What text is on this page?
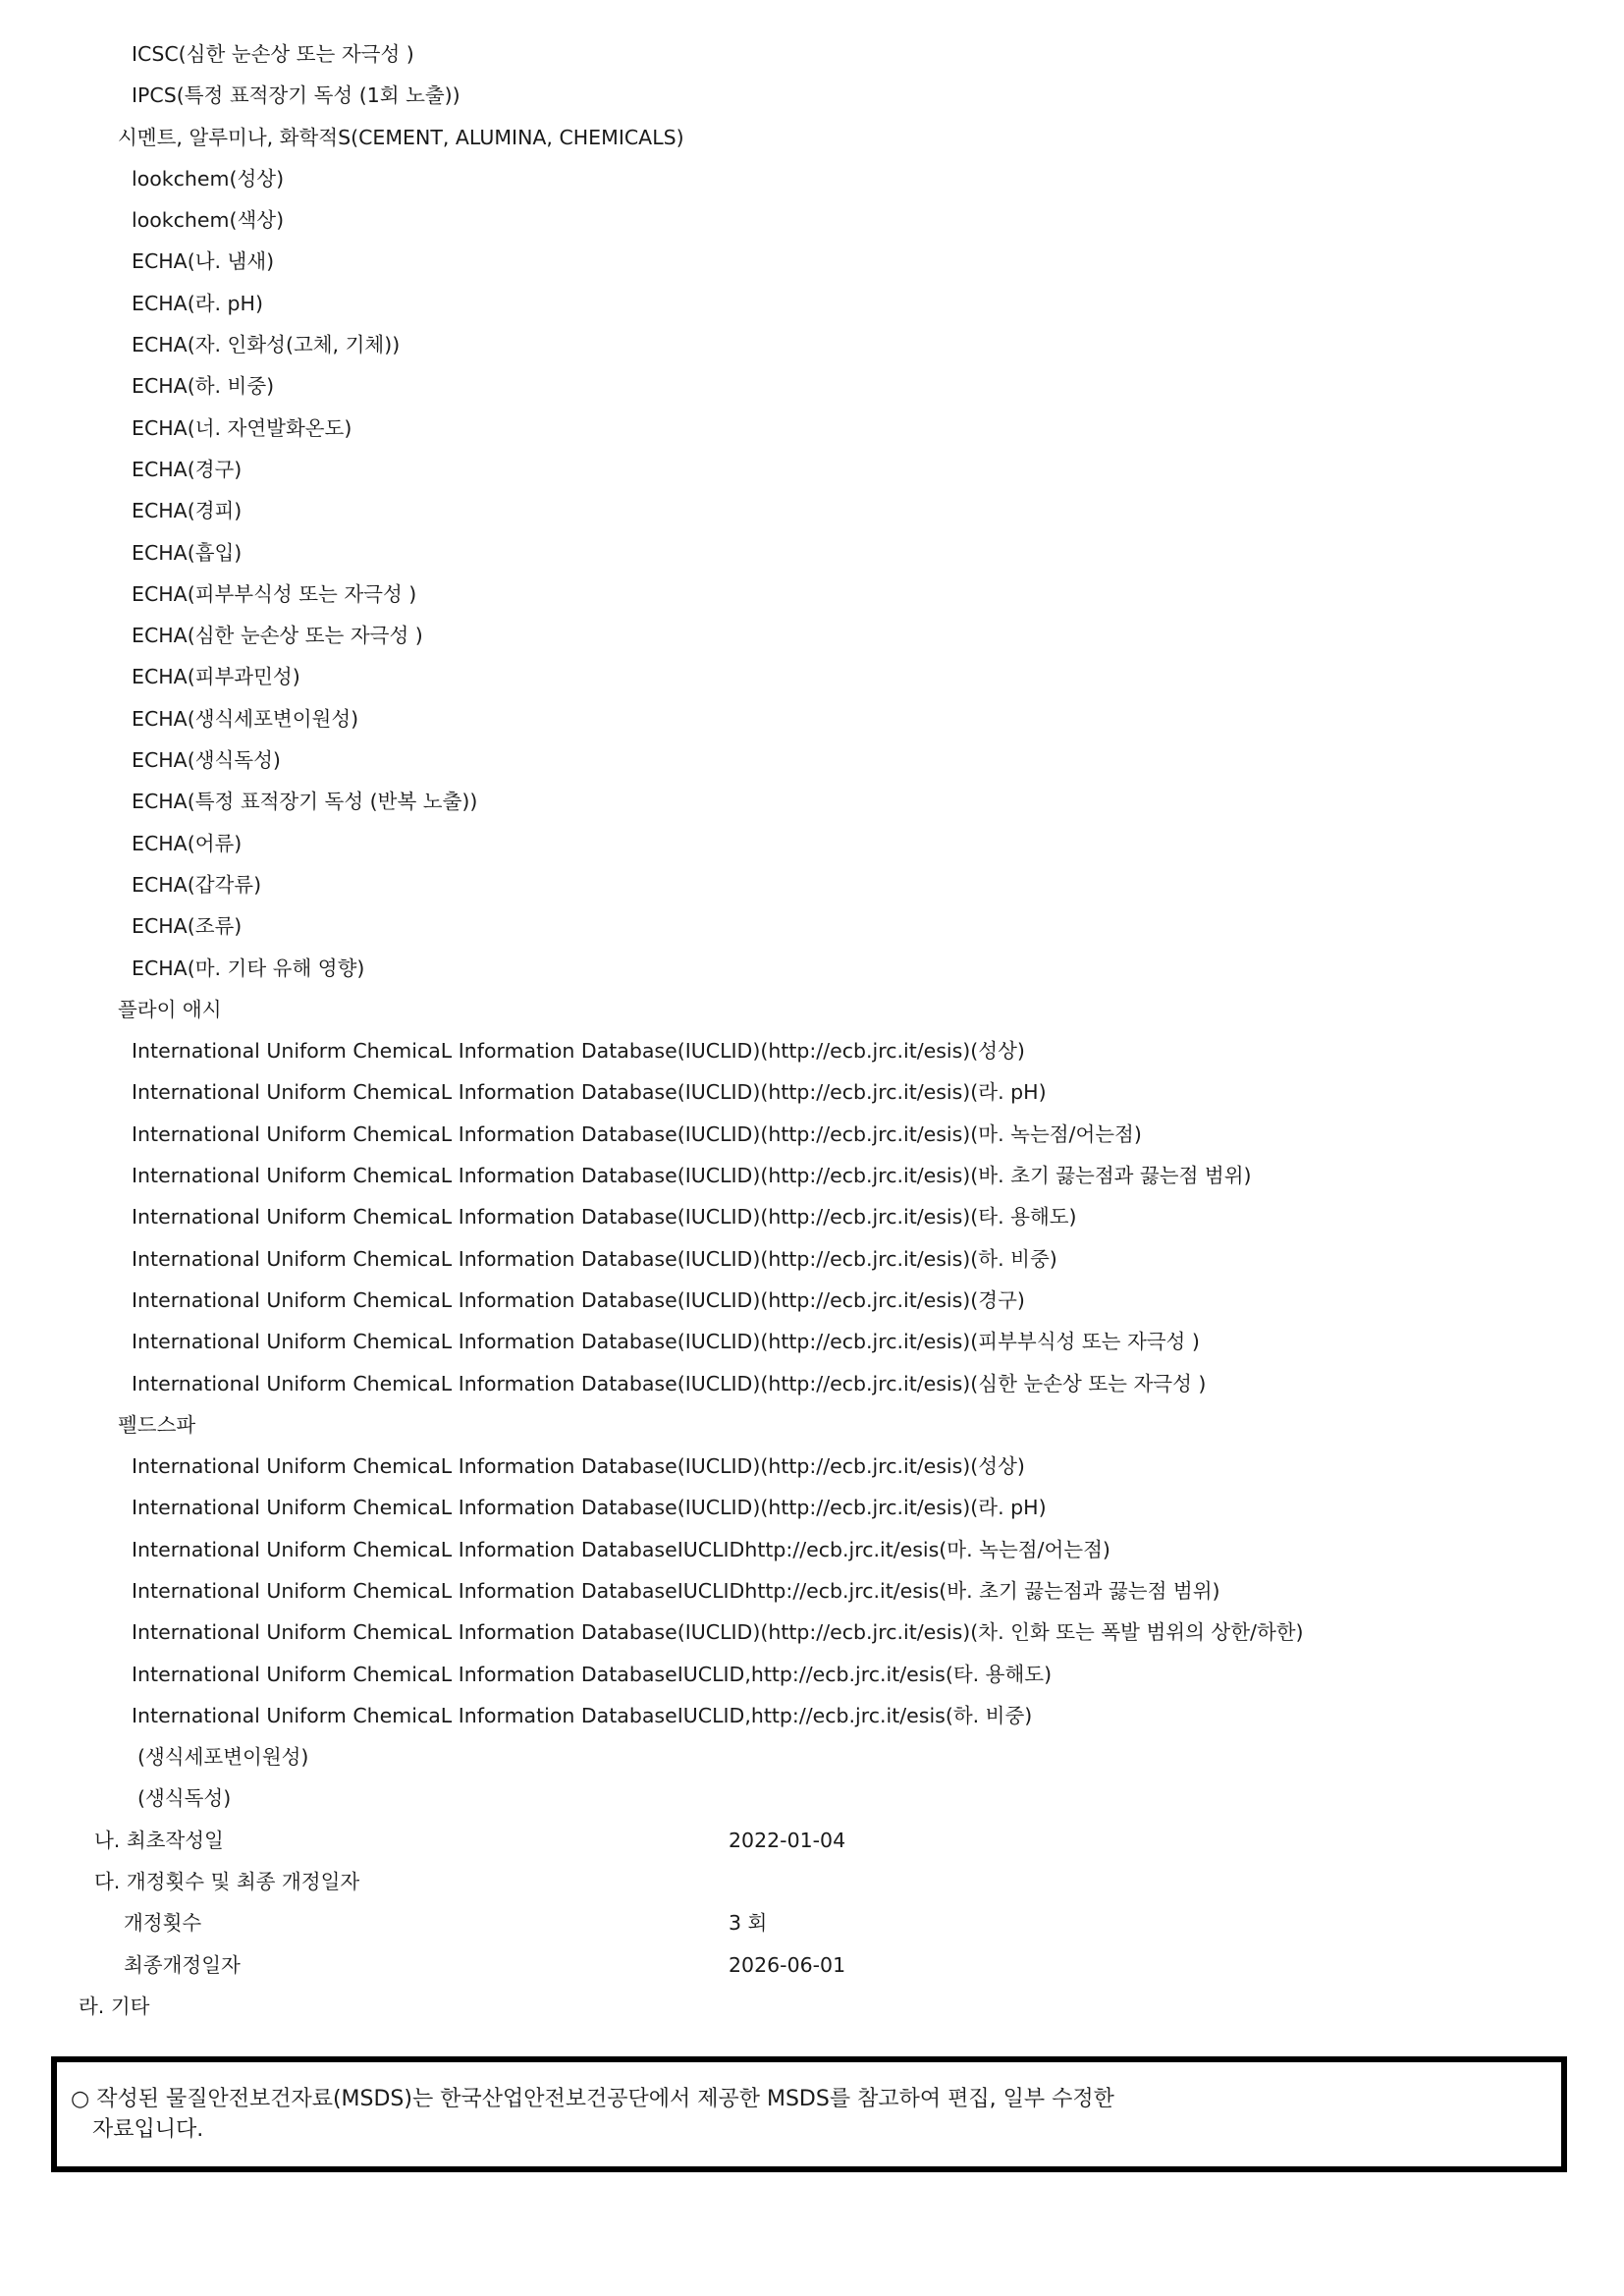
ICSC(심한 눈손상 또는 자극성 )
IPCS(특정 표적장기 독성 (1회 노출))
시멘트, 알루미나, 화학적S(CEMENT, ALUMINA, CHEMICALS)
lookchem(성상)
lookchem(색상)
ECHA(나. 냄새)
ECHA(라. pH)
ECHA(자. 인화성(고체, 기체))
ECHA(하. 비중)
ECHA(너. 자연발화온도)
ECHA(경구)
ECHA(경피)
ECHA(흡입)
ECHA(피부부식성 또는 자극성 )
ECHA(심한 눈손상 또는 자극성 )
ECHA(피부과민성)
ECHA(생식세포변이원성)
ECHA(생식독성)
ECHA(특정 표적장기 독성 (반복 노출))
ECHA(어류)
ECHA(갑각류)
ECHA(조류)
ECHA(마. 기타 유해 영향)
플라이 애시
International Uniform ChemicaL Information Database(IUCLID)(http://ecb.jrc.it/esis)(성상)
International Uniform ChemicaL Information Database(IUCLID)(http://ecb.jrc.it/esis)(라. pH)
International Uniform ChemicaL Information Database(IUCLID)(http://ecb.jrc.it/esis)(마. 녹는점/어는점)
International Uniform ChemicaL Information Database(IUCLID)(http://ecb.jrc.it/esis)(바. 초기 끓는점과 끓는점 범위)
International Uniform ChemicaL Information Database(IUCLID)(http://ecb.jrc.it/esis)(타. 용해도)
International Uniform ChemicaL Information Database(IUCLID)(http://ecb.jrc.it/esis)(하. 비중)
International Uniform ChemicaL Information Database(IUCLID)(http://ecb.jrc.it/esis)(경구)
International Uniform ChemicaL Information Database(IUCLID)(http://ecb.jrc.it/esis)(피부부식성 또는 자극성 )
International Uniform ChemicaL Information Database(IUCLID)(http://ecb.jrc.it/esis)(심한 눈손상 또는 자극성 )
펠드스파
International Uniform ChemicaL Information Database(IUCLID)(http://ecb.jrc.it/esis)(성상)
International Uniform ChemicaL Information Database(IUCLID)(http://ecb.jrc.it/esis)(라. pH)
International Uniform ChemicaL Information DatabaseIUCLIDhttp://ecb.jrc.it/esis(마. 녹는점/어는점)
International Uniform ChemicaL Information DatabaseIUCLIDhttp://ecb.jrc.it/esis(바. 초기 끓는점과 끓는점 범위)
International Uniform ChemicaL Information Database(IUCLID)(http://ecb.jrc.it/esis)(차. 인화 또는 폭발 범위의 상한/하한)
International Uniform ChemicaL Information DatabaseIUCLID,http://ecb.jrc.it/esis(타. 용해도)
International Uniform ChemicaL Information DatabaseIUCLID,http://ecb.jrc.it/esis(하. 비중)
(생식세포변이원성)
(생식독성)
나. 최초작성일	2022-01-04
다. 개정횟수 및 최종 개정일자
개정횟수	3 회
최종개정일자	2026-06-01
라. 기타
○ 작성된 물질안전보건자료(MSDS)는 한국산업안전보건공단에서 제공한 MSDS를 참고하여 편집, 일부 수정한
자료입니다.
